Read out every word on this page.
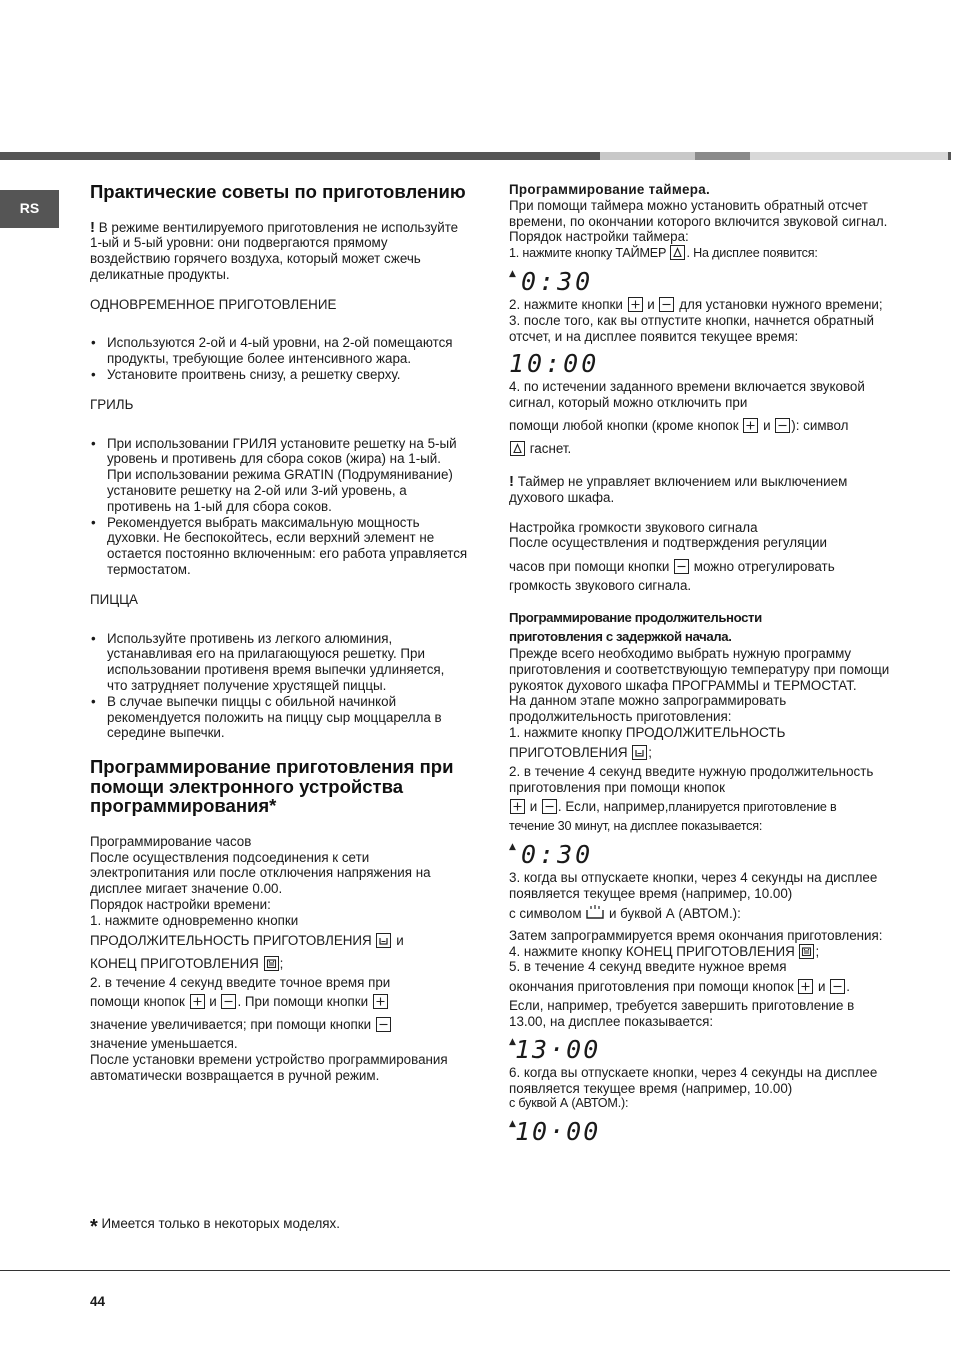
RS
Практические советы по приготовлению

! В режиме вентилируемого приготовления не используйте 1-ый и 5-ый уровни: они подвергаются прямому воздействию горячего воздуха, который может сжечь деликатные продукты.

ОДНОВРЕМЕННОЕ ПРИГОТОВЛЕНИЕ

• Используются 2-ой и 4-ый уровни, на 2-ой помещаются продукты, требующие более интенсивного жара.
• Установите проитвень снизу, а решетку сверху.

ГРИЛЬ

• При использовании ГРИЛЯ установите решетку на 5-ый уровень и противень для сбора соков (жира) на 1-ый. При использовании режима GRATIN (Подрумянивание) установите решетку на 2-ой или 3-ий уровень, а противень на 1-ый для сбора соков.
• Рекомендуется выбрать максимальную мощность духовки. Не беспокойтесь, если верхний элемент не остается постоянно включенным: его работа управляется термостатом.

ПИЦЦА

• Используйте противень из легкого алюминия, устанавливая его на прилагающуюся решетку. При использовании противеня время выпечки удлиняется, что затрудняет получение хрустящей пиццы.
• В случае выпечки пиццы с обильной начинкой рекомендуется положить на пиццу сыр моццарелла в середине выпечки.
Программирование приготовления при помощи электронного устройства программирования*

Программирование часов

После осуществления подсоединения к сети электропитания или после отключения напряжения на дисплее мигает значение 0.00.

Порядок настройки времени:

1. нажмите одновременно кнопки

ПРОДОЛЖИТЕЛЬНОСТЬ ПРИГОТОВЛЕНИЯ
и

КОНЕЦ ПРИГОТОВЛЕНИЯ ;

2. в течение 4 секунд введите точное время при

помощи кнопок
и
. При помощи кнопки

значение увеличивается; при помощи кнопки

значение уменьшается.

После установки времени устройство программирования автоматически возвращается в ручной режим.

Программирование таймера.

При помощи таймера можно установить обратный отсчет времени, по окончании которого включится звуковой сигнал.

Порядок настройки таймера:

1. нажмите кнопку ТАЙМЕР . На дисплее появится:

▲ 0:30

2. нажмите кнопки
и
для установки нужного времени;

3. после того, как вы отпустите кнопки, начнется обратный отсчет, и на дисплее появится текущее время:

10:00

4. по истечении заданного времени включается звуковой сигнал, который можно отключить при

помощи любой кнопки (кроме кнопок
и
): символ

гаснет.

! Таймер не управляет включением или выключением духового шкафа.

Настройка громкости звукового сигнала

После осуществления и подтверждения регуляции

часов при помощи кнопки
можно отрегулировать

громкость звукового сигнала.

Программирование продолжительности

приготовления с задержкой начала.

Прежде всего необходимо выбрать нужную программу приготовления и соответствующую температуру при помощи рукояток духового шкафа ПРОГРАММЫ и ТЕРМОСТАТ.

На данном этапе можно запрограммировать продолжительность приготовления:

1. нажмите кнопку ПРОДОЛЖИТЕЛЬНОСТЬ

ПРИГОТОВЛЕНИЯ ;

2. в течение 4 секунд введите нужную продолжительность приготовления при помощи кнопок

и
. Если, например,планируется приготовление в

течение 30 минут, на дисплее показывается:

▲ 0:30

3. когда вы отпускаете кнопки, через 4 секунды на дисплее появляется текущее время (например, 10.00)

с символом  и буквой А (АВТОМ.):

Затем запрограммируется время окончания приготовления:

4. нажмите кнопку КОНЕЦ ПРИГОТОВЛЕНИЯ ;

5. в течение 4 секунд введите нужное время

окончания приготовления при помощи кнопок
и
.

Если, например, требуется завершить приготовление в 13.00, на дисплее показывается:

▲ 13·00

6. когда вы отпускаете кнопки, через 4 секунды на дисплее появляется текущее время (например, 10.00)

с буквой А (АВТОМ.):

▲ 10·00
* Имеется только в некоторых моделях.
44
